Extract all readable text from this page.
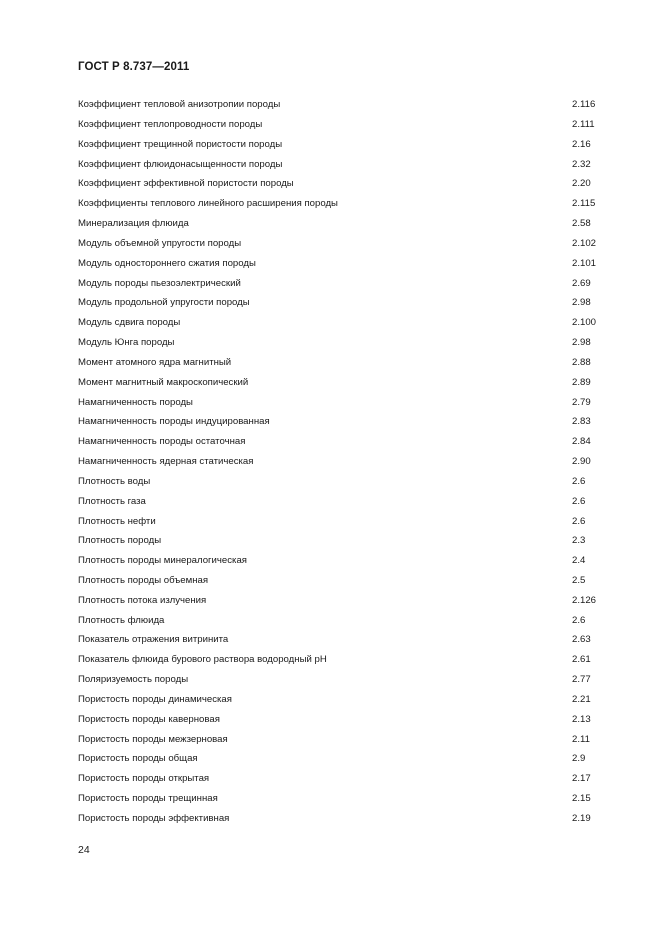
ГОСТ Р 8.737—2011
Коэффициент тепловой анизотропии породы	2.116
Коэффициент теплопроводности породы	2.111
Коэффициент трещинной пористости породы	2.16
Коэффициент флюидонасыщенности породы	2.32
Коэффициент эффективной пористости породы	2.20
Коэффициенты теплового линейного расширения породы	2.115
Минерализация флюида	2.58
Модуль объемной упругости породы	2.102
Модуль одностороннего сжатия породы	2.101
Модуль породы пьезоэлектрический	2.69
Модуль продольной упругости породы	2.98
Модуль сдвига породы	2.100
Модуль Юнга породы	2.98
Момент атомного ядра магнитный	2.88
Момент магнитный макроскопический	2.89
Намагниченность породы	2.79
Намагниченность породы индуцированная	2.83
Намагниченность породы остаточная	2.84
Намагниченность ядерная статическая	2.90
Плотность воды	2.6
Плотность газа	2.6
Плотность нефти	2.6
Плотность породы	2.3
Плотность породы минералогическая	2.4
Плотность породы объемная	2.5
Плотность потока излучения	2.126
Плотность флюида	2.6
Показатель отражения витринита	2.63
Показатель флюида бурового раствора водородный pH	2.61
Поляризуемость породы	2.77
Пористость породы динамическая	2.21
Пористость породы каверновая	2.13
Пористость породы межзерновая	2.11
Пористость породы общая	2.9
Пористость породы открытая	2.17
Пористость породы трещинная	2.15
Пористость породы эффективная	2.19
24
